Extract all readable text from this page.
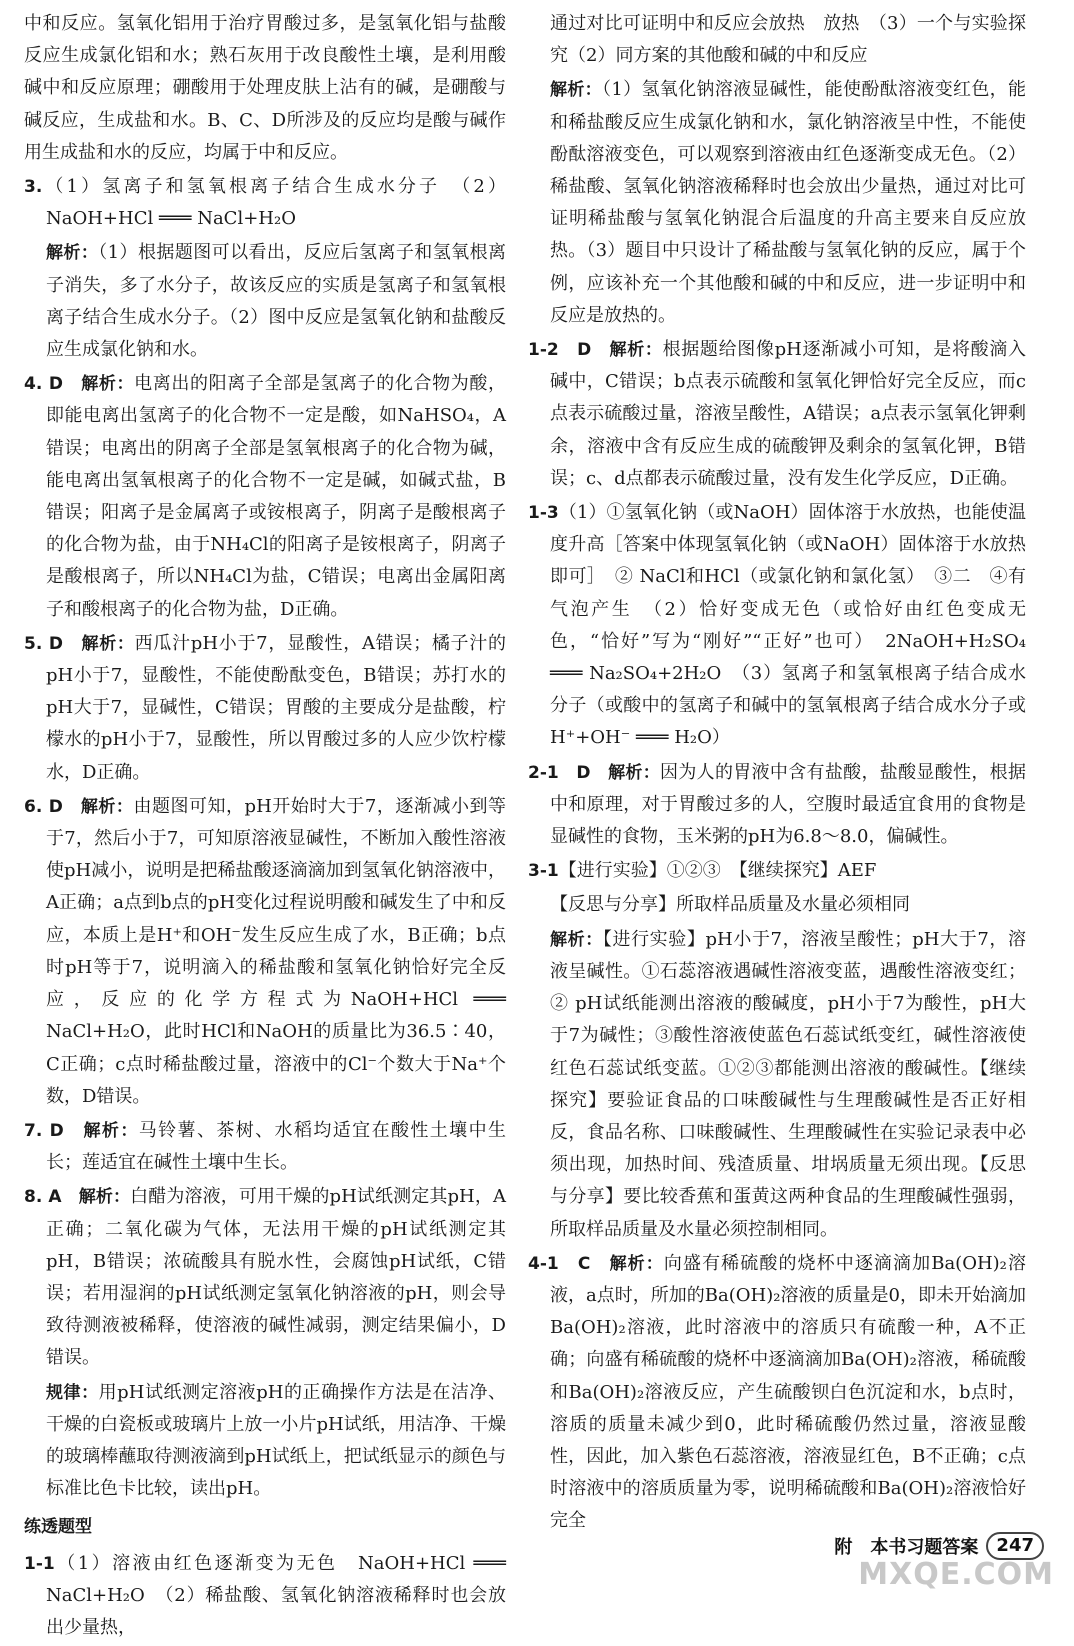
中和反应。氢氧化铝用于治疗胃酸过多，是氢氧化铝与盐酸反应生成氯化铝和水；熟石灰用于改良酸性土壤，是利用酸碱中和反应原理；硼酸用于处理皮肤上沾有的碱，是硼酸与碱反应，生成盐和水。B、C、D所涉及的反应均是酸与碱作用生成盐和水的反应，均属于中和反应。
3.（1）氢离子和氢氧根离子结合生成水分子　（2）NaOH+HCl ═══ NaCl+H₂O
解析：（1）根据题图可以看出，反应后氢离子和氢氧根离子消失，多了水分子，故该反应的实质是氢离子和氢氧根离子结合生成水分子。（2）图中反应是氢氧化钠和盐酸反应生成氯化钠和水。
4. D　解析：电离出的阳离子全部是氢离子的化合物为酸，即能电离出氢离子的化合物不一定是酸，如NaHSO₄，A错误；电离出的阴离子全部是氢氧根离子的化合物为碱，能电离出氢氧根离子的化合物不一定是碱，如碱式盐，B错误；阳离子是金属离子或铵根离子，阴离子是酸根离子的化合物为盐，由于NH₄Cl的阳离子是铵根离子，阴离子是酸根离子，所以NH₄Cl为盐，C错误；电离出金属阳离子和酸根离子的化合物为盐，D正确。
5. D　解析：西瓜汁pH小于7，显酸性，A错误；橘子汁的pH小于7，显酸性，不能使酚酞变色，B错误；苏打水的pH大于7，显碱性，C错误；胃酸的主要成分是盐酸，柠檬水的pH小于7，显酸性，所以胃酸过多的人应少饮柠檬水，D正确。
6. D　解析：由题图可知，pH开始时大于7，逐渐减小到等于7，然后小于7，可知原溶液显碱性，不断加入酸性溶液使pH减小，说明是把稀盐酸逐滴滴加到氢氧化钠溶液中，A正确；a点到b点的pH变化过程说明酸和碱发生了中和反应，本质上是H⁺和OH⁻发生反应生成了水，B正确；b点时pH等于7，说明滴入的稀盐酸和氢氧化钠恰好完全反应，反应的化学方程式为NaOH+HCl ═══ NaCl+H₂O，此时HCl和NaOH的质量比为36.5∶40，C正确；c点时稀盐酸过量，溶液中的Cl⁻个数大于Na⁺个数，D错误。
7. D　解析：马铃薯、茶树、水稻均适宜在酸性土壤中生长；莲适宜在碱性土壤中生长。
8. A　解析：白醋为溶液，可用干燥的pH试纸测定其pH，A正确；二氧化碳为气体，无法用干燥的pH试纸测定其pH，B错误；浓硫酸具有脱水性，会腐蚀pH试纸，C错误；若用湿润的pH试纸测定氢氧化钠溶液的pH，则会导致待测液被稀释，使溶液的碱性减弱，测定结果偏小，D错误。
规律：用pH试纸测定溶液pH的正确操作方法是在洁净、干燥的白瓷板或玻璃片上放一小片pH试纸，用洁净、干燥的玻璃棒蘸取待测液滴到pH试纸上，把试纸显示的颜色与标准比色卡比较，读出pH。
练透题型
1-1（1）溶液由红色逐渐变为无色　NaOH+HCl ═══ NaCl+H₂O　（2）稀盐酸、氢氧化钠溶液稀释时也会放出少量热，
通过对比可证明中和反应会放热　放热　（3）一个与实验探究（2）同方案的其他酸和碱的中和反应
解析：（1）氢氧化钠溶液显碱性，能使酚酞溶液变红色，能和稀盐酸反应生成氯化钠和水，氯化钠溶液呈中性，不能使酚酞溶液变色，可以观察到溶液由红色逐渐变成无色。（2）稀盐酸、氢氧化钠溶液稀释时也会放出少量热，通过对比可证明稀盐酸与氢氧化钠混合后温度的升高主要来自反应放热。（3）题目中只设计了稀盐酸与氢氧化钠的反应，属于个例，应该补充一个其他酸和碱的中和反应，进一步证明中和反应是放热的。
1-2　D　解析：根据题给图像pH逐渐减小可知，是将酸滴入碱中，C错误；b点表示硫酸和氢氧化钾恰好完全反应，而c点表示硫酸过量，溶液呈酸性，A错误；a点表示氢氧化钾剩余，溶液中含有反应生成的硫酸钾及剩余的氢氧化钾，B错误；c、d点都表示硫酸过量，没有发生化学反应，D正确。
1-3（1）①氢氧化钠（或NaOH）固体溶于水放热，也能使温度升高［答案中体现氢氧化钠（或NaOH）固体溶于水放热即可］　② NaCl和HCl（或氯化钠和氯化氢）　③二　④有气泡产生　（2）恰好变成无色（或恰好由红色变成无色，“恰好”写为“刚好”“正好”也可）　2NaOH+H₂SO₄ ═══ Na₂SO₄+2H₂O　（3）氢离子和氢氧根离子结合成水分子（或酸中的氢离子和碱中的氢氧根离子结合成水分子或H⁺+OH⁻ ═══ H₂O）
2-1　D　解析：因为人的胃液中含有盐酸，盐酸显酸性，根据中和原理，对于胃酸过多的人，空腹时最适宜食用的食物是显碱性的食物，玉米粥的pH为6.8～8.0，偏碱性。
3-1【进行实验】①②③　【继续探究】AEF
【反思与分享】所取样品质量及水量必须相同
解析：【进行实验】pH小于7，溶液呈酸性；pH大于7，溶液呈碱性。①石蕊溶液遇碱性溶液变蓝，遇酸性溶液变红；② pH试纸能测出溶液的酸碱度，pH小于7为酸性，pH大于7为碱性；③酸性溶液使蓝色石蕊试纸变红，碱性溶液使红色石蕊试纸变蓝。①②③都能测出溶液的酸碱性。【继续探究】要验证食品的口味酸碱性与生理酸碱性是否正好相反，食品名称、口味酸碱性、生理酸碱性在实验记录表中必须出现，加热时间、残渣质量、坩埚质量无须出现。【反思与分享】要比较香蕉和蛋黄这两种食品的生理酸碱性强弱，所取样品质量及水量必须控制相同。
4-1　C　解析：向盛有稀硫酸的烧杯中逐滴滴加Ba(OH)₂溶液，a点时，所加的Ba(OH)₂溶液的质量是0，即未开始滴加Ba(OH)₂溶液，此时溶液中的溶质只有硫酸一种，A不正确；向盛有稀硫酸的烧杯中逐滴滴加Ba(OH)₂溶液，稀硫酸和Ba(OH)₂溶液反应，产生硫酸钡白色沉淀和水，b点时，溶质的质量未减少到0，此时稀硫酸仍然过量，溶液显酸性，因此，加入紫色石蕊溶液，溶液显红色，B不正确；c点时溶液中的溶质质量为零，说明稀硫酸和Ba(OH)₂溶液恰好完全
附　本书习题答案	247
MXQE.COM
